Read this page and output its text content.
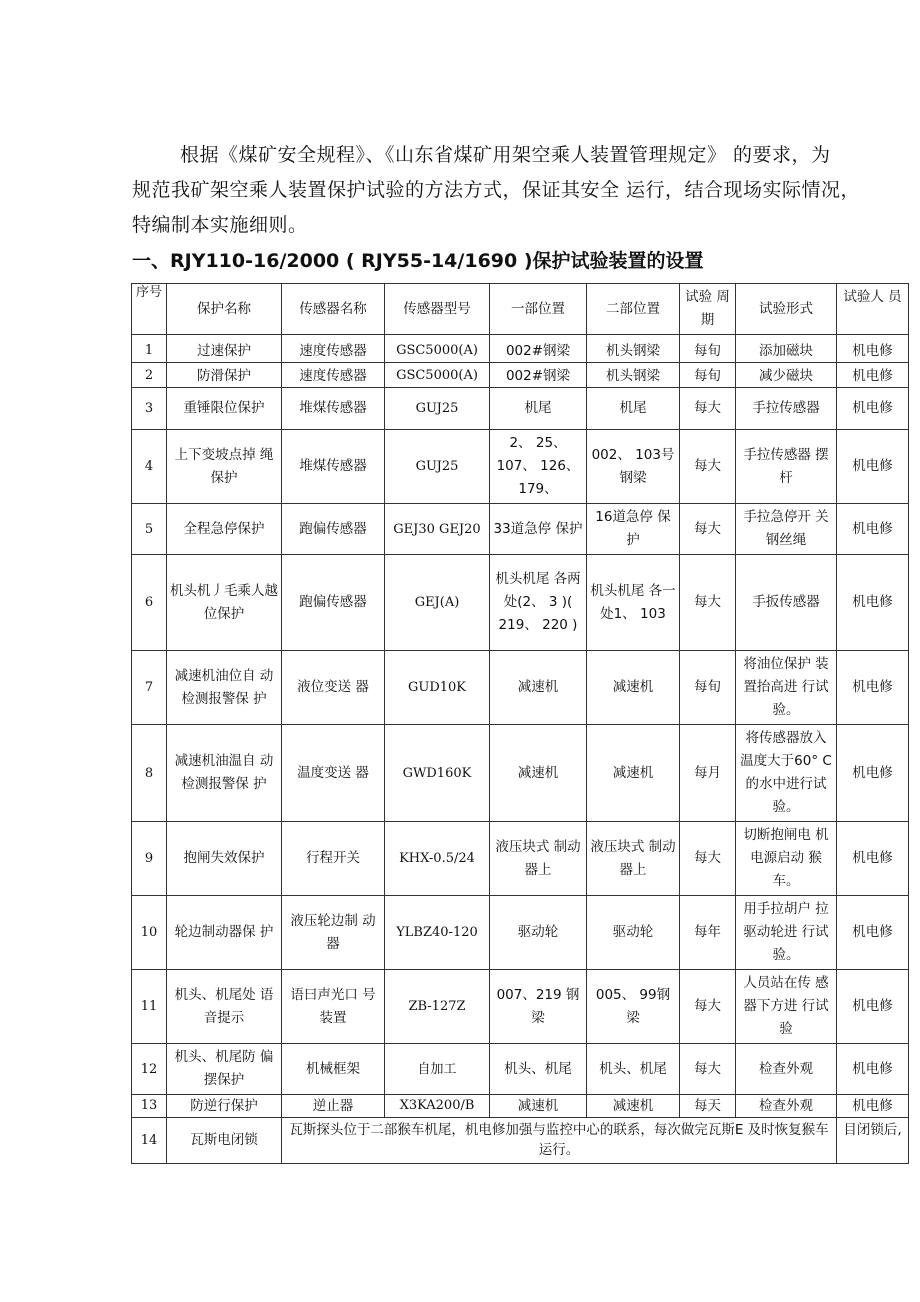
根据《煤矿安全规程》、《山东省煤矿用架空乘人装置管理规定》 的要求，为
规范我矿架空乘人装置保护试验的方法方式，保证其安全 运行，结合现场实际情况，
特编制本实施细则。
一、RJY110-16/2000 ( RJY55-14/1690 )保护试验装置的设置
序号	保护名称	传感器名称	传感器型号	一部位置	二部位置	试验 周期	试验形式	试验人 员
1	过速保护	速度传感器	GSC5000(A)	002#钢梁	机头钢梁	每旬	添加磁块	机电修
2	防滑保护	速度传感器	GSC5000(A)	002#钢梁	机头钢梁	每旬	减少磁块	机电修
3	重锤限位保护	堆煤传感器	GUJ25	机尾	机尾	每大	手拉传感器	机电修
4	上下变坡点掉 绳保护	堆煤传感器	GUJ25	2、 25、 107、 126、 179、	002、 103号钢梁	每大	手拉传感器 摆杆	机电修
5	全程急停保护	跑偏传感器	GEJ30 GEJ20	33道急停 保护	16道急停 保护	每大	手拉急停开 关钢丝绳	机电修
6	机头机丿毛乘人越位保护	跑偏传感器	GEJ(A)	机头机尾 各两处(2、 3 )( 219、 220 )	机头机尾 各一处1、 103	每大	手扳传感器	机电修
7	减速机油位自 动检测报警保 护	液位变送 器	GUD10K	减速机	减速机	每旬	将油位保护 装置抬高进 行试验。	机电修
8	减速机油温自 动检测报警保 护	温度变送 器	GWD160K	减速机	减速机	每月	将传感器放入温度大于60° C的水中进行试验。	机电修
9	抱闸失效保护	行程开关	KHX-0.5/24	液压块式 制动器上	液压块式 制动器上	每大	切断抱闸电 机电源启动 猴车。	机电修
10	轮边制动器保 护	液压轮边制 动器	YLBZ40-120	驱动轮	驱动轮	每年	用手拉胡户 拉驱动轮进 行试验。	机电修
11	机头、机尾处 语音提示	语曰声光口 号装置	ZB-127Z	007、219 钢梁	005、 99钢梁	每大	人员站在传 感器下方进 行试验	机电修
12	机头、机尾防 偏摆保护	机械框架	自加工	机头、机尾	机头、机尾	每大	检查外观	机电修
13	防逆行保护	逆止器	X3KA200/B	减速机	减速机	每天	检查外观	机电修
14	瓦斯电闭锁	瓦斯探头位于二部猴车机尾，机电修加强与监控中心的联系，每次做完瓦斯E 及时恢复猴车运行。						目闭锁后,
